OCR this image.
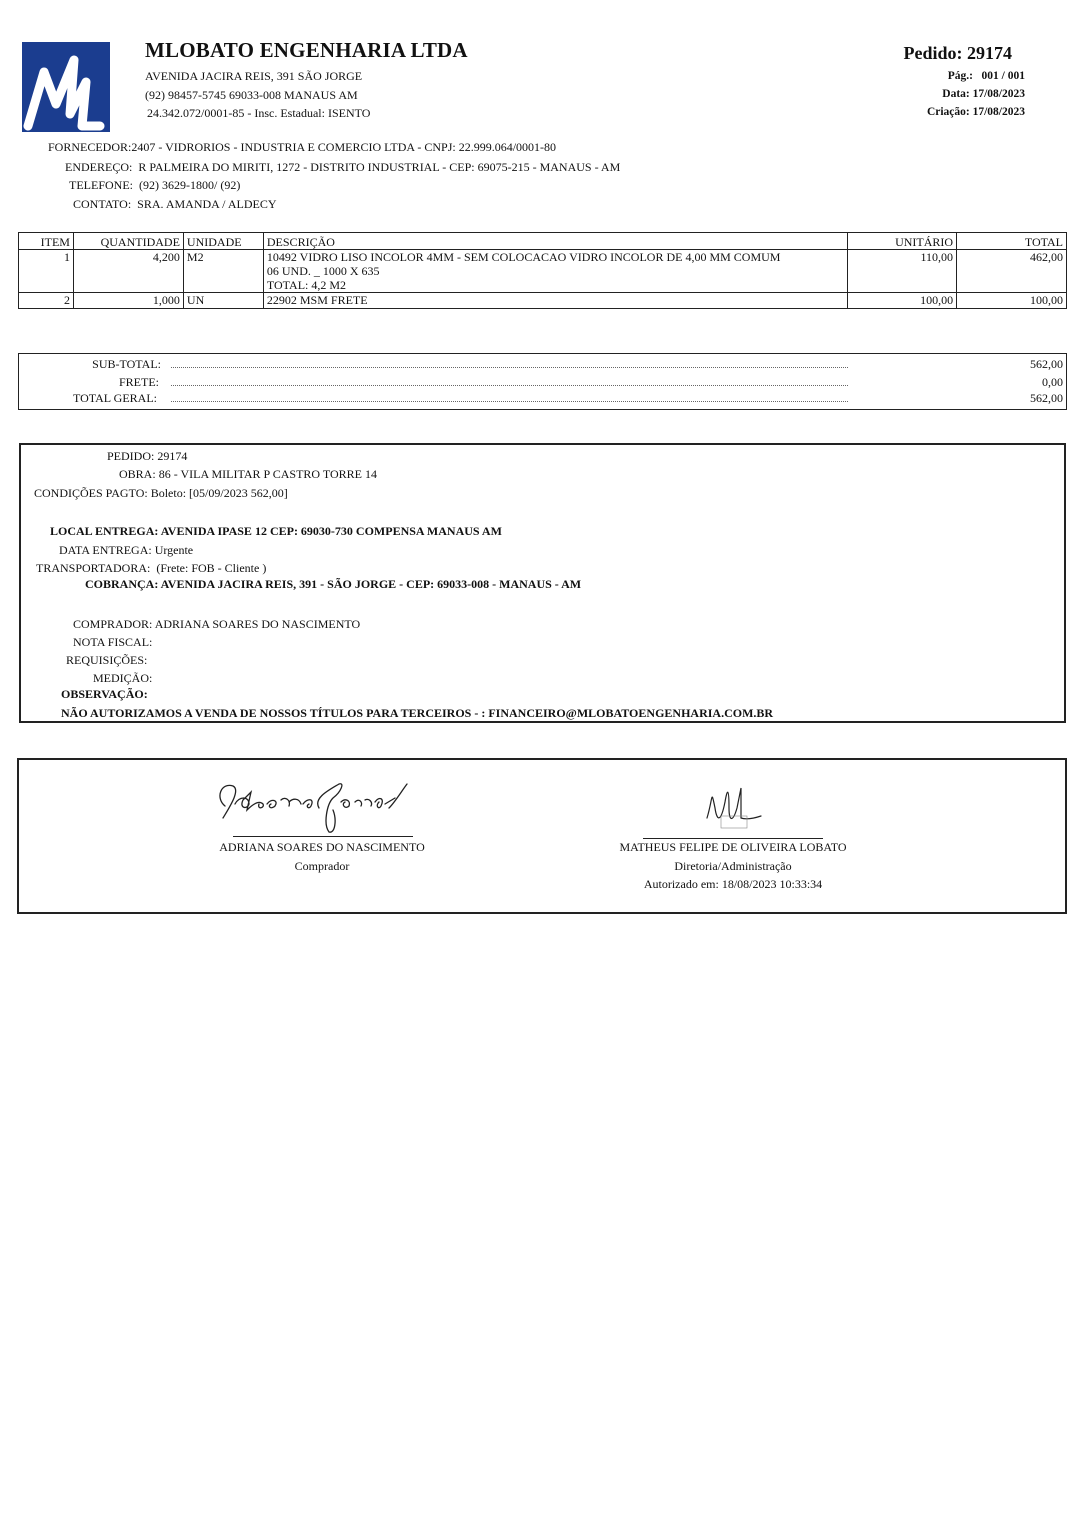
MLOBATO ENGENHARIA LTDA
AVENIDA JACIRA REIS, 391 SÃO JORGE
(92) 98457-5745 69033-008 MANAUS AM
24.342.072/0001-85 - Insc. Estadual: ISENTO
Pedido: 29174
Pág.: 001 / 001
Data: 17/08/2023
Criação: 17/08/2023
FORNECEDOR:2407 - VIDRORIOS - INDUSTRIA E COMERCIO LTDA - CNPJ: 22.999.064/0001-80
ENDEREÇO: R PALMEIRA DO MIRITI, 1272 - DISTRITO INDUSTRIAL - CEP: 69075-215 - MANAUS - AM
TELEFONE: (92) 3629-1800/ (92)
CONTATO: SRA. AMANDA / ALDECY
ITEM	QUANTIDADE	UNIDADE	DESCRIÇÃO	UNITÁRIO	TOTAL
1	4,200	M2	10492 VIDRO LISO INCOLOR 4MM - SEM COLOCACAO VIDRO INCOLOR DE 4,00 MM COMUM
06 UND. _ 1000 X 635
TOTAL: 4,2 M2	110,00	462,00
2	1,000	UN	22902 MSM FRETE	100,00	100,00
SUB-TOTAL:	562,00
FRETE:	0,00
TOTAL GERAL:	562,00
PEDIDO: 29174
OBRA: 86 - VILA MILITAR P CASTRO TORRE 14
CONDIÇÕES PAGTO: Boleto: [05/09/2023 562,00]
LOCAL ENTREGA: AVENIDA IPASE 12 CEP: 69030-730 COMPENSA MANAUS AM
DATA ENTREGA: Urgente
TRANSPORTADORA: (Frete: FOB - Cliente )
COBRANÇA: AVENIDA JACIRA REIS, 391 - SÃO JORGE - CEP: 69033-008 - MANAUS - AM
COMPRADOR: ADRIANA SOARES DO NASCIMENTO
NOTA FISCAL:
REQUISIÇÕES:
MEDIÇÃO:
OBSERVAÇÃO:
NÃO AUTORIZAMOS A VENDA DE NOSSOS TÍTULOS PARA TERCEIROS - : FINANCEIRO@MLOBATOENGENHARIA.COM.BR
ADRIANA SOARES DO NASCIMENTO
Comprador
MATHEUS FELIPE DE OLIVEIRA LOBATO
Diretoria/Administração
Autorizado em: 18/08/2023 10:33:34
